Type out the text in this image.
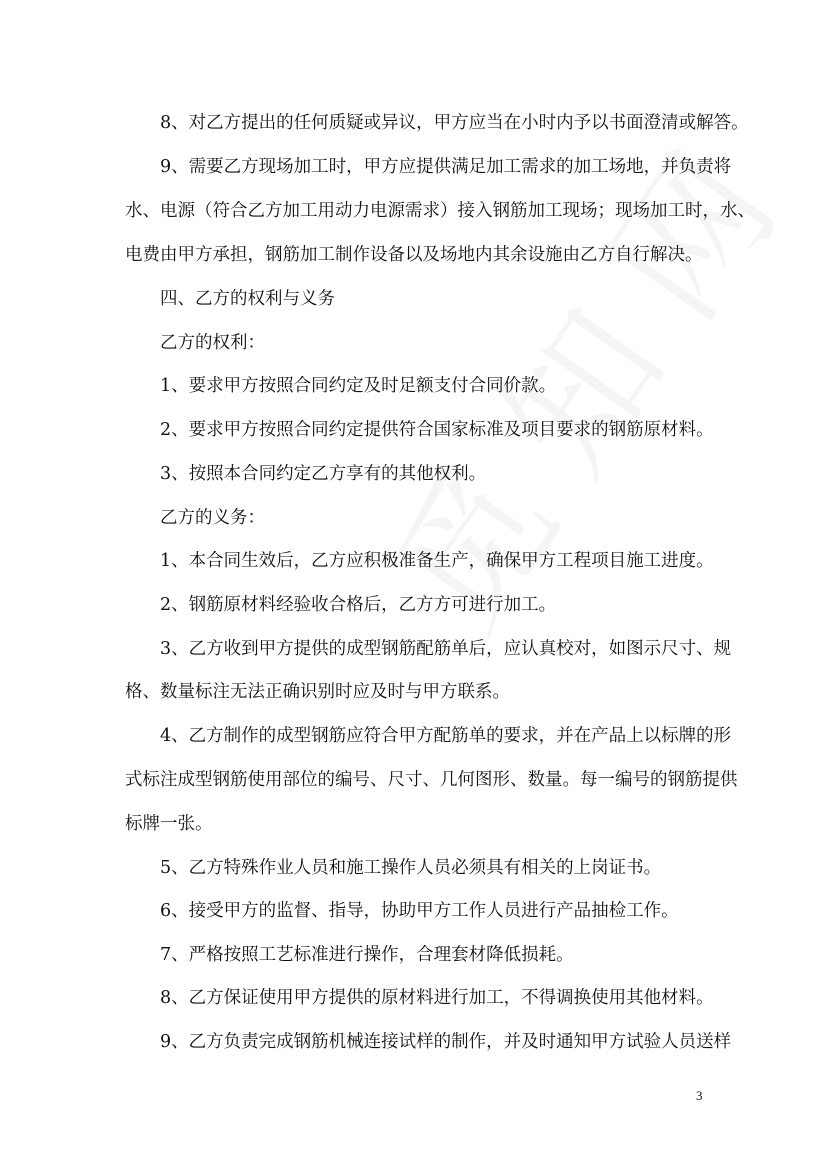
8、对乙方提出的任何质疑或异议，甲方应当在小时内予以书面澄清或解答。
9、需要乙方现场加工时，甲方应提供满足加工需求的加工场地，并负责将
水、电源（符合乙方加工用动力电源需求）接入钢筋加工现场；现场加工时，水、
电费由甲方承担，钢筋加工制作设备以及场地内其余设施由乙方自行解决。
四、乙方的权利与义务
乙方的权利：
1、要求甲方按照合同约定及时足额支付合同价款。
2、要求甲方按照合同约定提供符合国家标准及项目要求的钢筋原材料。
3、按照本合同约定乙方享有的其他权利。
乙方的义务：
1、本合同生效后，乙方应积极准备生产，确保甲方工程项目施工进度。
2、钢筋原材料经验收合格后，乙方方可进行加工。
3、乙方收到甲方提供的成型钢筋配筋单后，应认真校对，如图示尺寸、规
格、数量标注无法正确识别时应及时与甲方联系。
4、乙方制作的成型钢筋应符合甲方配筋单的要求，并在产品上以标牌的形
式标注成型钢筋使用部位的编号、尺寸、几何图形、数量。每一编号的钢筋提供
标牌一张。
5、乙方特殊作业人员和施工操作人员必须具有相关的上岗证书。
6、接受甲方的监督、指导，协助甲方工作人员进行产品抽检工作。
7、严格按照工艺标准进行操作，合理套材降低损耗。
8、乙方保证使用甲方提供的原材料进行加工，不得调换使用其他材料。
9、乙方负责完成钢筋机械连接试样的制作，并及时通知甲方试验人员送样
3
